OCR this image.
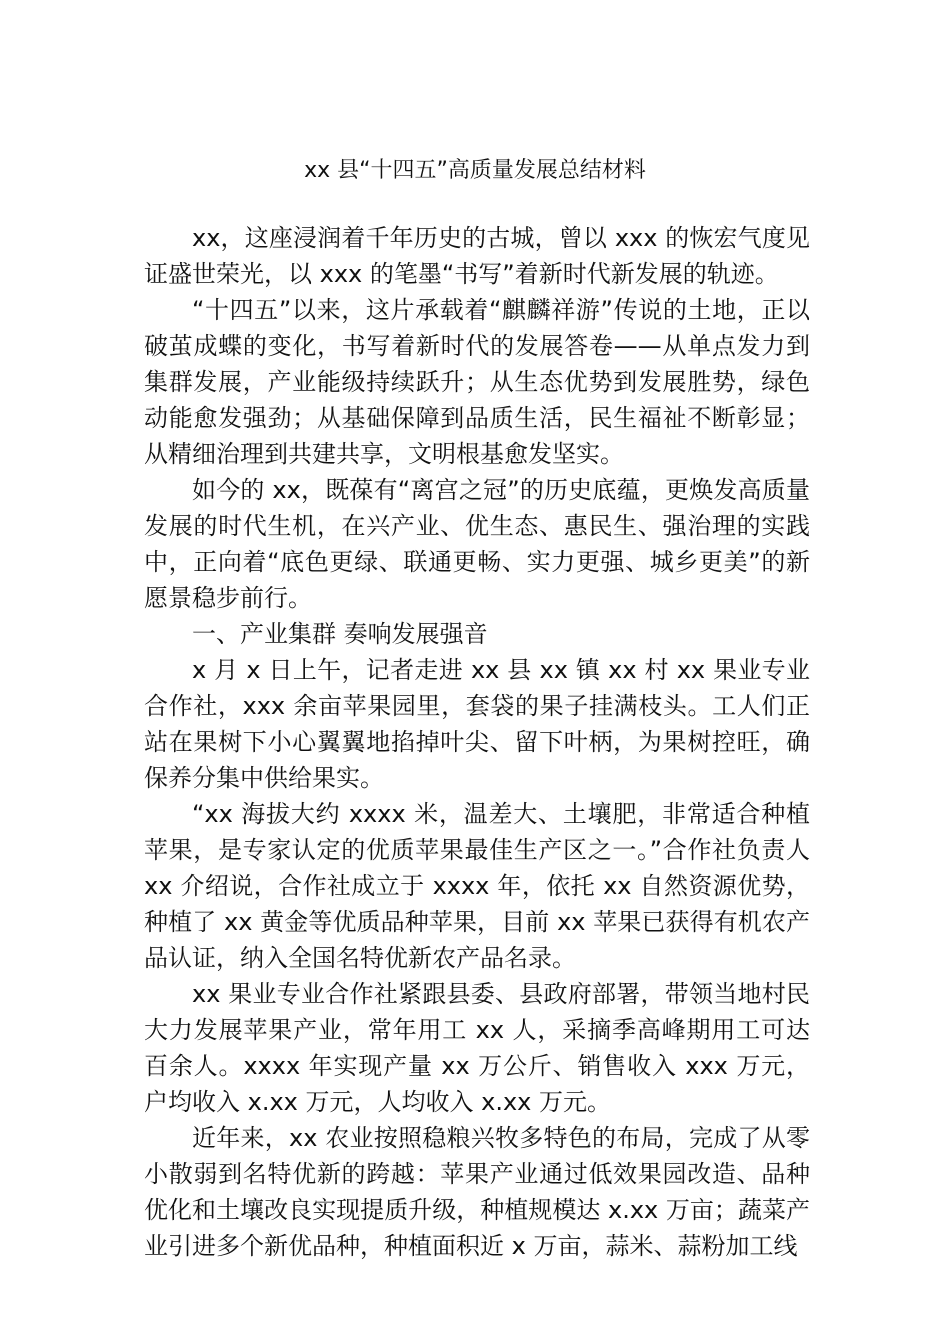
xx 县“十四五”高质量发展总结材料

xx，这座浸润着千年历史的古城，曾以 xxx 的恢宏气度见证盛世荣光，以 xxx 的笔墨“书写”着新时代新发展的轨迹。

“十四五”以来，这片承载着“麒麟祥游”传说的土地，正以破茧成蝶的变化，书写着新时代的发展答卷——从单点发力到集群发展，产业能级持续跃升；从生态优势到发展胜势，绿色动能愈发强劲；从基础保障到品质生活，民生福祉不断彰显；从精细治理到共建共享，文明根基愈发坚实。

如今的 xx，既葆有“离宫之冠”的历史底蕴，更焕发高质量发展的时代生机，在兴产业、优生态、惠民生、强治理的实践中，正向着“底色更绿、联通更畅、实力更强、城乡更美”的新愿景稳步前行。

一、产业集群 奏响发展强音

x 月 x 日上午，记者走进 xx 县 xx 镇 xx 村 xx 果业专业合作社，xxx 余亩苹果园里，套袋的果子挂满枝头。工人们正站在果树下小心翼翼地掐掉叶尖、留下叶柄，为果树控旺，确保养分集中供给果实。

“xx 海拔大约 xxxx 米，温差大、土壤肥，非常适合种植苹果，是专家认定的优质苹果最佳生产区之一。”合作社负责人 xx 介绍说，合作社成立于 xxxx 年，依托 xx 自然资源优势，种植了 xx 黄金等优质品种苹果，目前 xx 苹果已获得有机农产品认证，纳入全国名特优新农产品名录。

xx 果业专业合作社紧跟县委、县政府部署，带领当地村民大力发展苹果产业，常年用工 xx 人，采摘季高峰期用工可达百余人。xxxx 年实现产量 xx 万公斤、销售收入 xxx 万元，户均收入 x.xx 万元，人均收入 x.xx 万元。

近年来，xx 农业按照稳粮兴牧多特色的布局，完成了从零小散弱到名特优新的跨越：苹果产业通过低效果园改造、品种优化和土壤改良实现提质升级，种植规模达 x.xx 万亩；蔬菜产业引进多个新优品种，种植面积近 x 万亩，蒜米、蒜粉加工线
